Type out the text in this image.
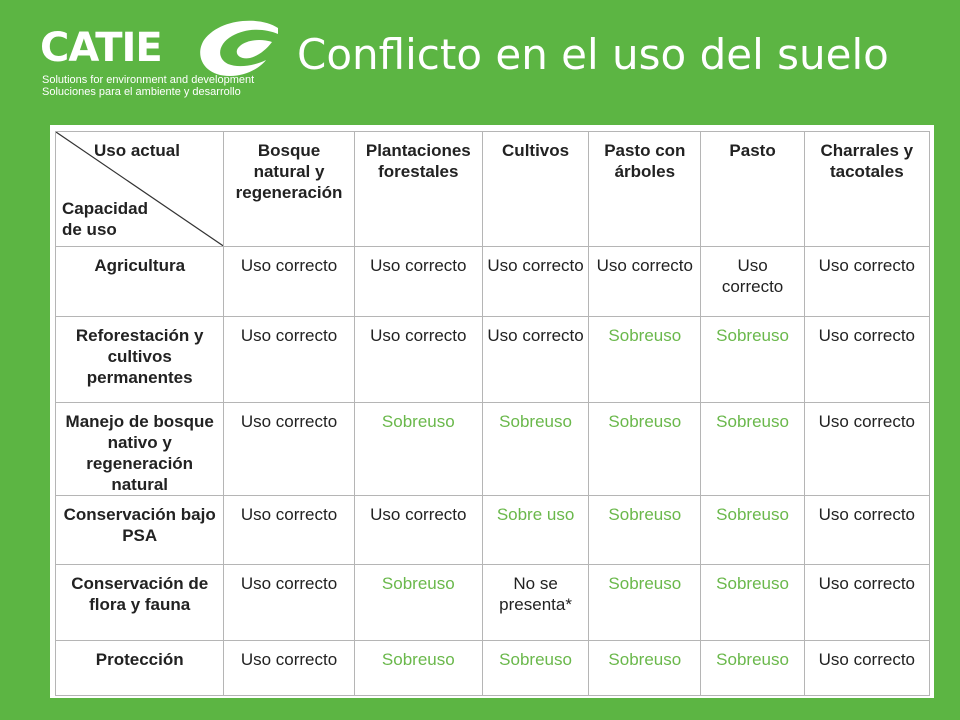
CATIE
Solutions for environment and development
Soluciones para el ambiente y desarrollo
Conflicto en el uso del suelo
Uso actual
Capacidad de uso	Bosque natural y regeneración	Plantaciones forestales	Cultivos	Pasto con árboles	Pasto	Charrales y tacotales
Agricultura	Uso correcto	Uso correcto	Uso correcto	Uso correcto	Uso correcto	Uso correcto
Reforestación y cultivos permanentes	Uso correcto	Uso correcto	Uso correcto	Sobreuso	Sobreuso	Uso correcto
Manejo de bosque nativo y regeneración natural	Uso correcto	Sobreuso	Sobreuso	Sobreuso	Sobreuso	Uso correcto
Conservación bajo PSA	Uso correcto	Uso correcto	Sobre uso	Sobreuso	Sobreuso	Uso correcto
Conservación de flora y fauna	Uso correcto	Sobreuso	No se presenta*	Sobreuso	Sobreuso	Uso correcto
Protección	Uso correcto	Sobreuso	Sobreuso	Sobreuso	Sobreuso	Uso correcto
